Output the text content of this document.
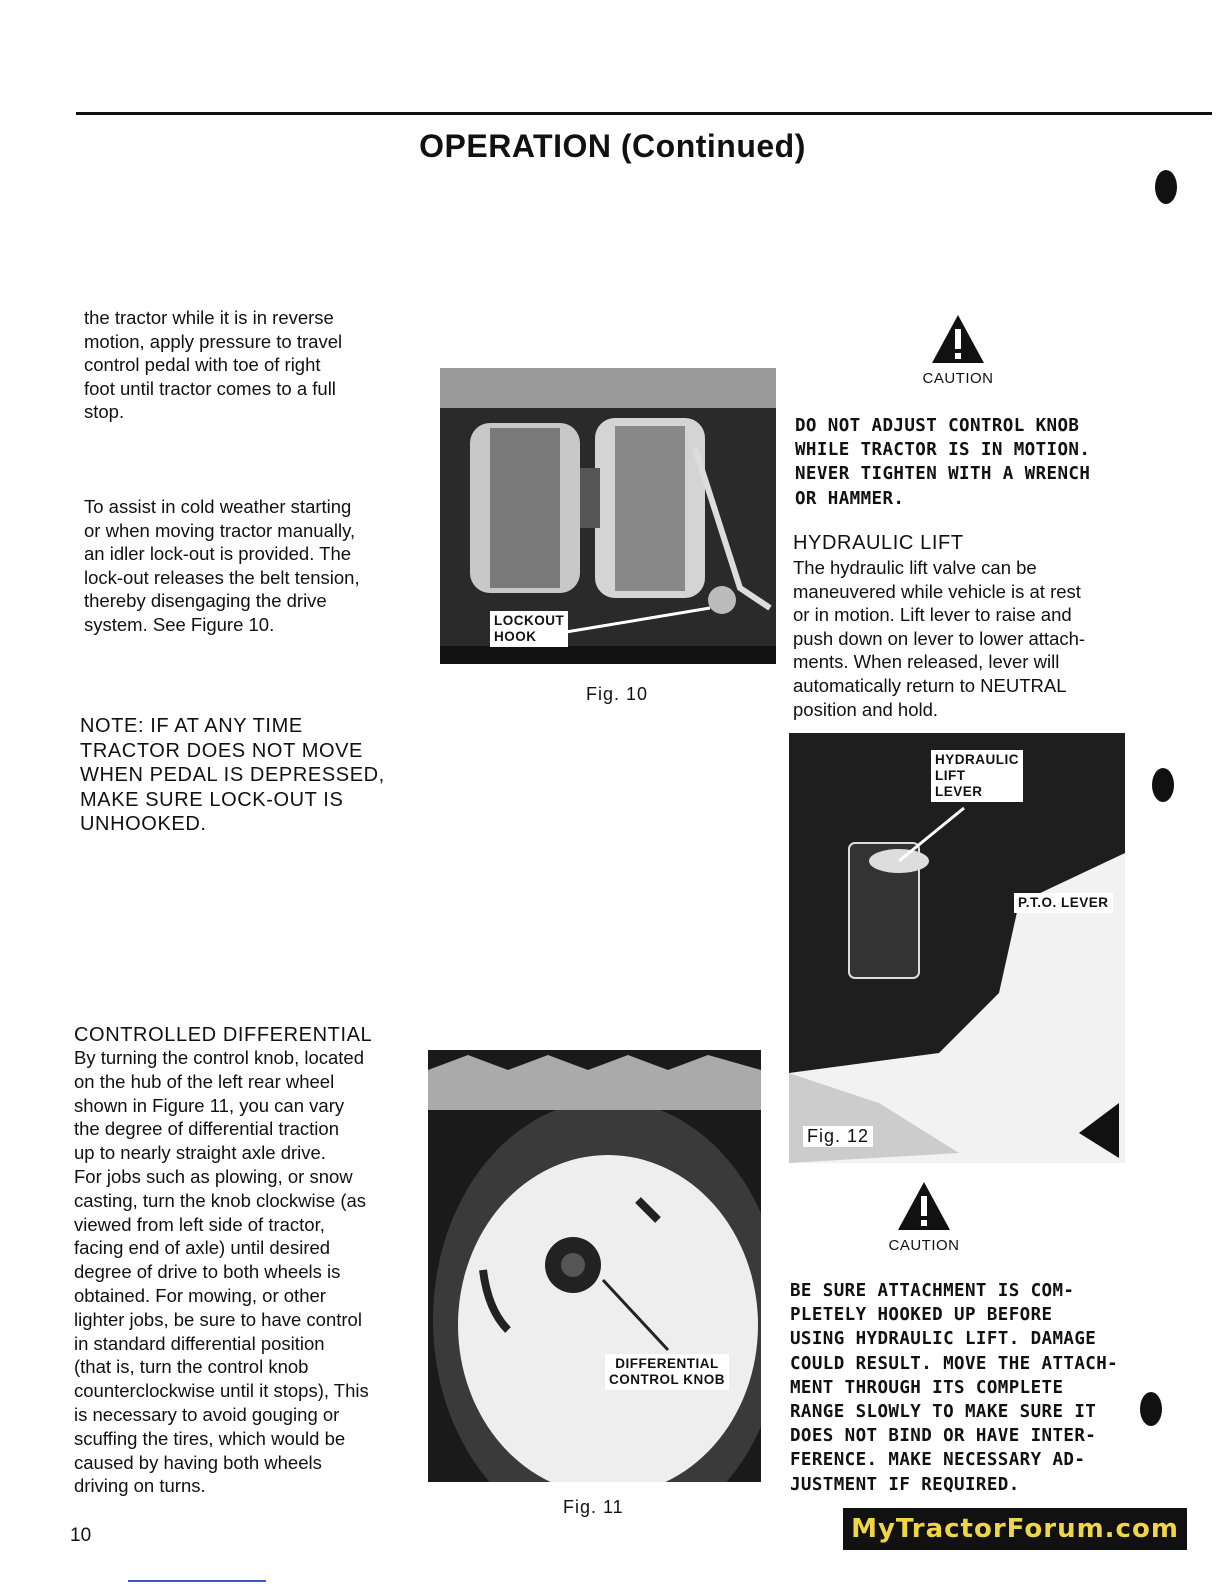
OPERATION (Continued)

the tractor while it is in reverse
motion, apply pressure to travel
control pedal with toe of right
foot until tractor comes to a full
stop.

To assist in cold weather starting
or when moving tractor manually,
an idler lock-out is provided. The
lock-out releases the belt tension,
thereby disengaging the drive
system. See Figure 10.

NOTE: IF AT ANY TIME
TRACTOR DOES NOT MOVE
WHEN PEDAL IS DEPRESSED,
MAKE SURE LOCK-OUT IS
UNHOOKED.
CONTROLLED DIFFERENTIAL

By turning the control knob, located
on the hub of the left rear wheel
shown in Figure 11, you can vary
the degree of differential traction
up to nearly straight axle drive.
For jobs such as plowing, or snow
casting, turn the knob clockwise (as
viewed from left side of tractor,
facing end of axle) until desired
degree of drive to both wheels is
obtained. For mowing, or other
lighter jobs, be sure to have control
in standard differential position
(that is, turn the control knob
counterclockwise until it stops), This
is necessary to avoid gouging or
scuffing the tires, which would be
caused by having both wheels
driving on turns.

LOCKOUT
HOOK
Fig. 10
DIFFERENTIAL
CONTROL KNOB
Fig. 11
CAUTION
DO NOT ADJUST CONTROL KNOB
WHILE TRACTOR IS IN MOTION.
NEVER TIGHTEN WITH A WRENCH
OR HAMMER.
HYDRAULIC LIFT

The hydraulic lift valve can be
maneuvered while vehicle is at rest
or in motion. Lift lever to raise and
push down on lever to lower attach-
ments. When released, lever will
automatically return to NEUTRAL
position and hold.

HYDRAULIC
LIFT
LEVER
P.T.O. LEVER
Fig. 12
CAUTION
BE SURE ATTACHMENT IS COM-
PLETELY HOOKED UP BEFORE
USING HYDRAULIC LIFT. DAMAGE
COULD RESULT. MOVE THE ATTACH-
MENT THROUGH ITS COMPLETE
RANGE SLOWLY TO MAKE SURE IT
DOES NOT BIND OR HAVE INTER-
FERENCE. MAKE NECESSARY AD-
JUSTMENT IF REQUIRED.
10	MyTractorForum.com
